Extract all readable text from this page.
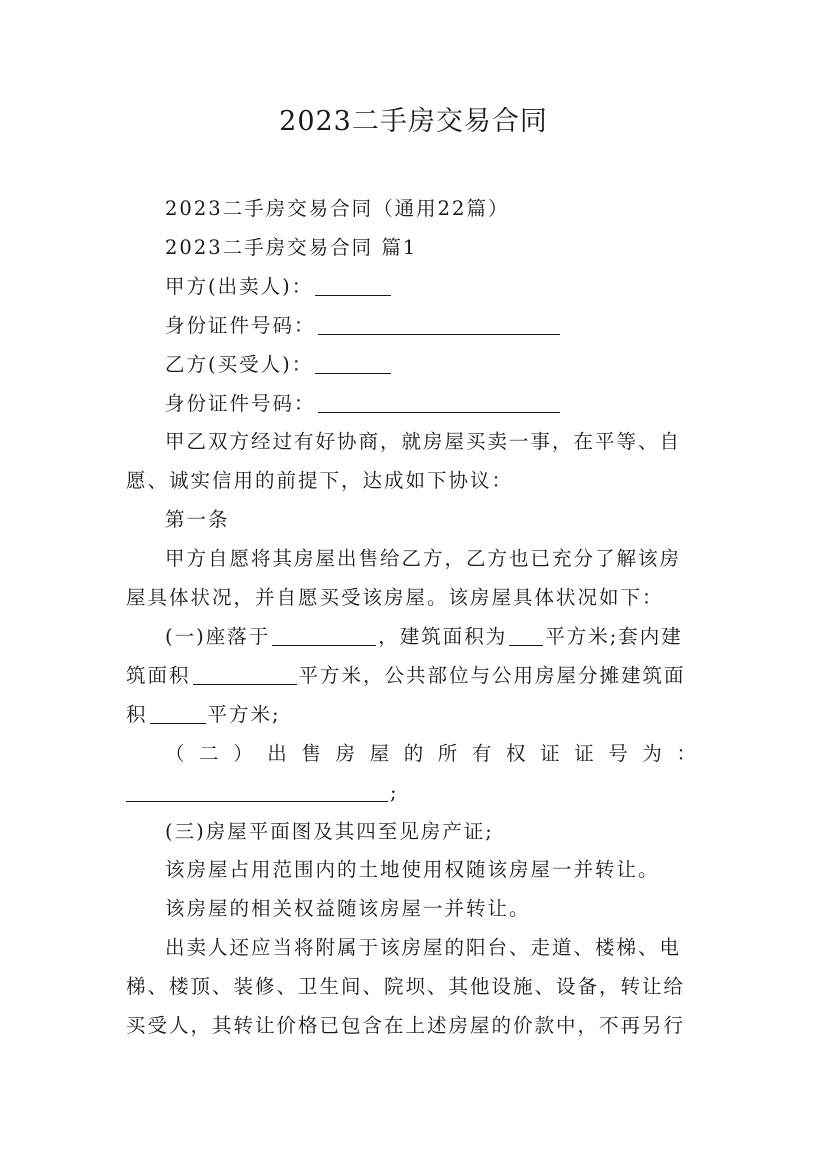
2023二手房交易合同

2023二手房交易合同（通用22篇）

2023二手房交易合同 篇1

甲方(出卖人)：

身份证件号码：

乙方(买受人)：

身份证件号码：

甲乙双方经过有好协商，就房屋买卖一事，在平等、自愿、诚实信用的前提下，达成如下协议：

第一条

甲方自愿将其房屋出售给乙方，乙方也已充分了解该房屋具体状况，并自愿买受该房屋。该房屋具体状况如下：

(一)座落于	，建筑面积为 平方米;套内建筑面积	平方米，公共部位与公用房屋分摊建筑面积	平方米;

（二）出售房屋的所有权证证号为：

;

(三)房屋平面图及其四至见房产证;

该房屋占用范围内的土地使用权随该房屋一并转让。

该房屋的相关权益随该房屋一并转让。

出卖人还应当将附属于该房屋的阳台、走道、楼梯、电梯、楼顶、装修、卫生间、院坝、其他设施、设备，转让给买受人，其转让价格已包含在上述房屋的价款中，不再另行
